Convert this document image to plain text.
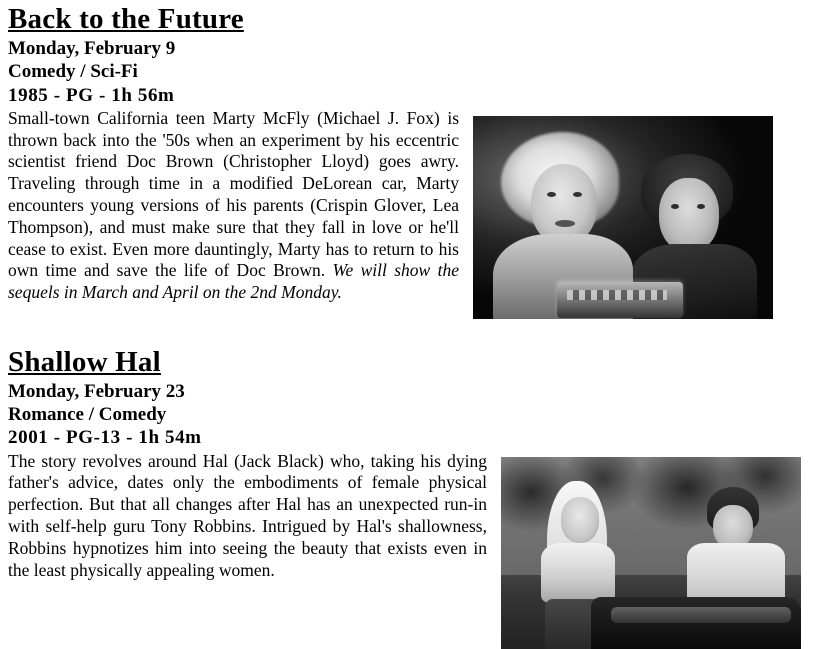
Back to the Future
Monday, February 9
Comedy / Sci-Fi
1985 - PG - 1h 56m

Small-town California teen Marty McFly (Michael J. Fox) is thrown back into the '50s when an experiment by his eccentric scientist friend Doc Brown (Christopher Lloyd) goes awry. Traveling through time in a modified DeLorean car, Marty encounters young versions of his parents (Crispin Glover, Lea Thompson), and must make sure that they fall in love or he'll cease to exist. Even more dauntingly, Marty has to return to his own time and save the life of Doc Brown. We will show the sequels in March and April on the 2nd Monday.

Shallow Hal
Monday, February 23
Romance / Comedy
2001 - PG-13 - 1h 54m

The story revolves around Hal (Jack Black) who, taking his dying father's advice, dates only the embodiments of female physical perfection. But that all changes after Hal has an unexpected run-in with self-help guru Tony Robbins. Intrigued by Hal's shallowness, Robbins hypnotizes him into seeing the beauty that exists even in the least physically appealing women.
